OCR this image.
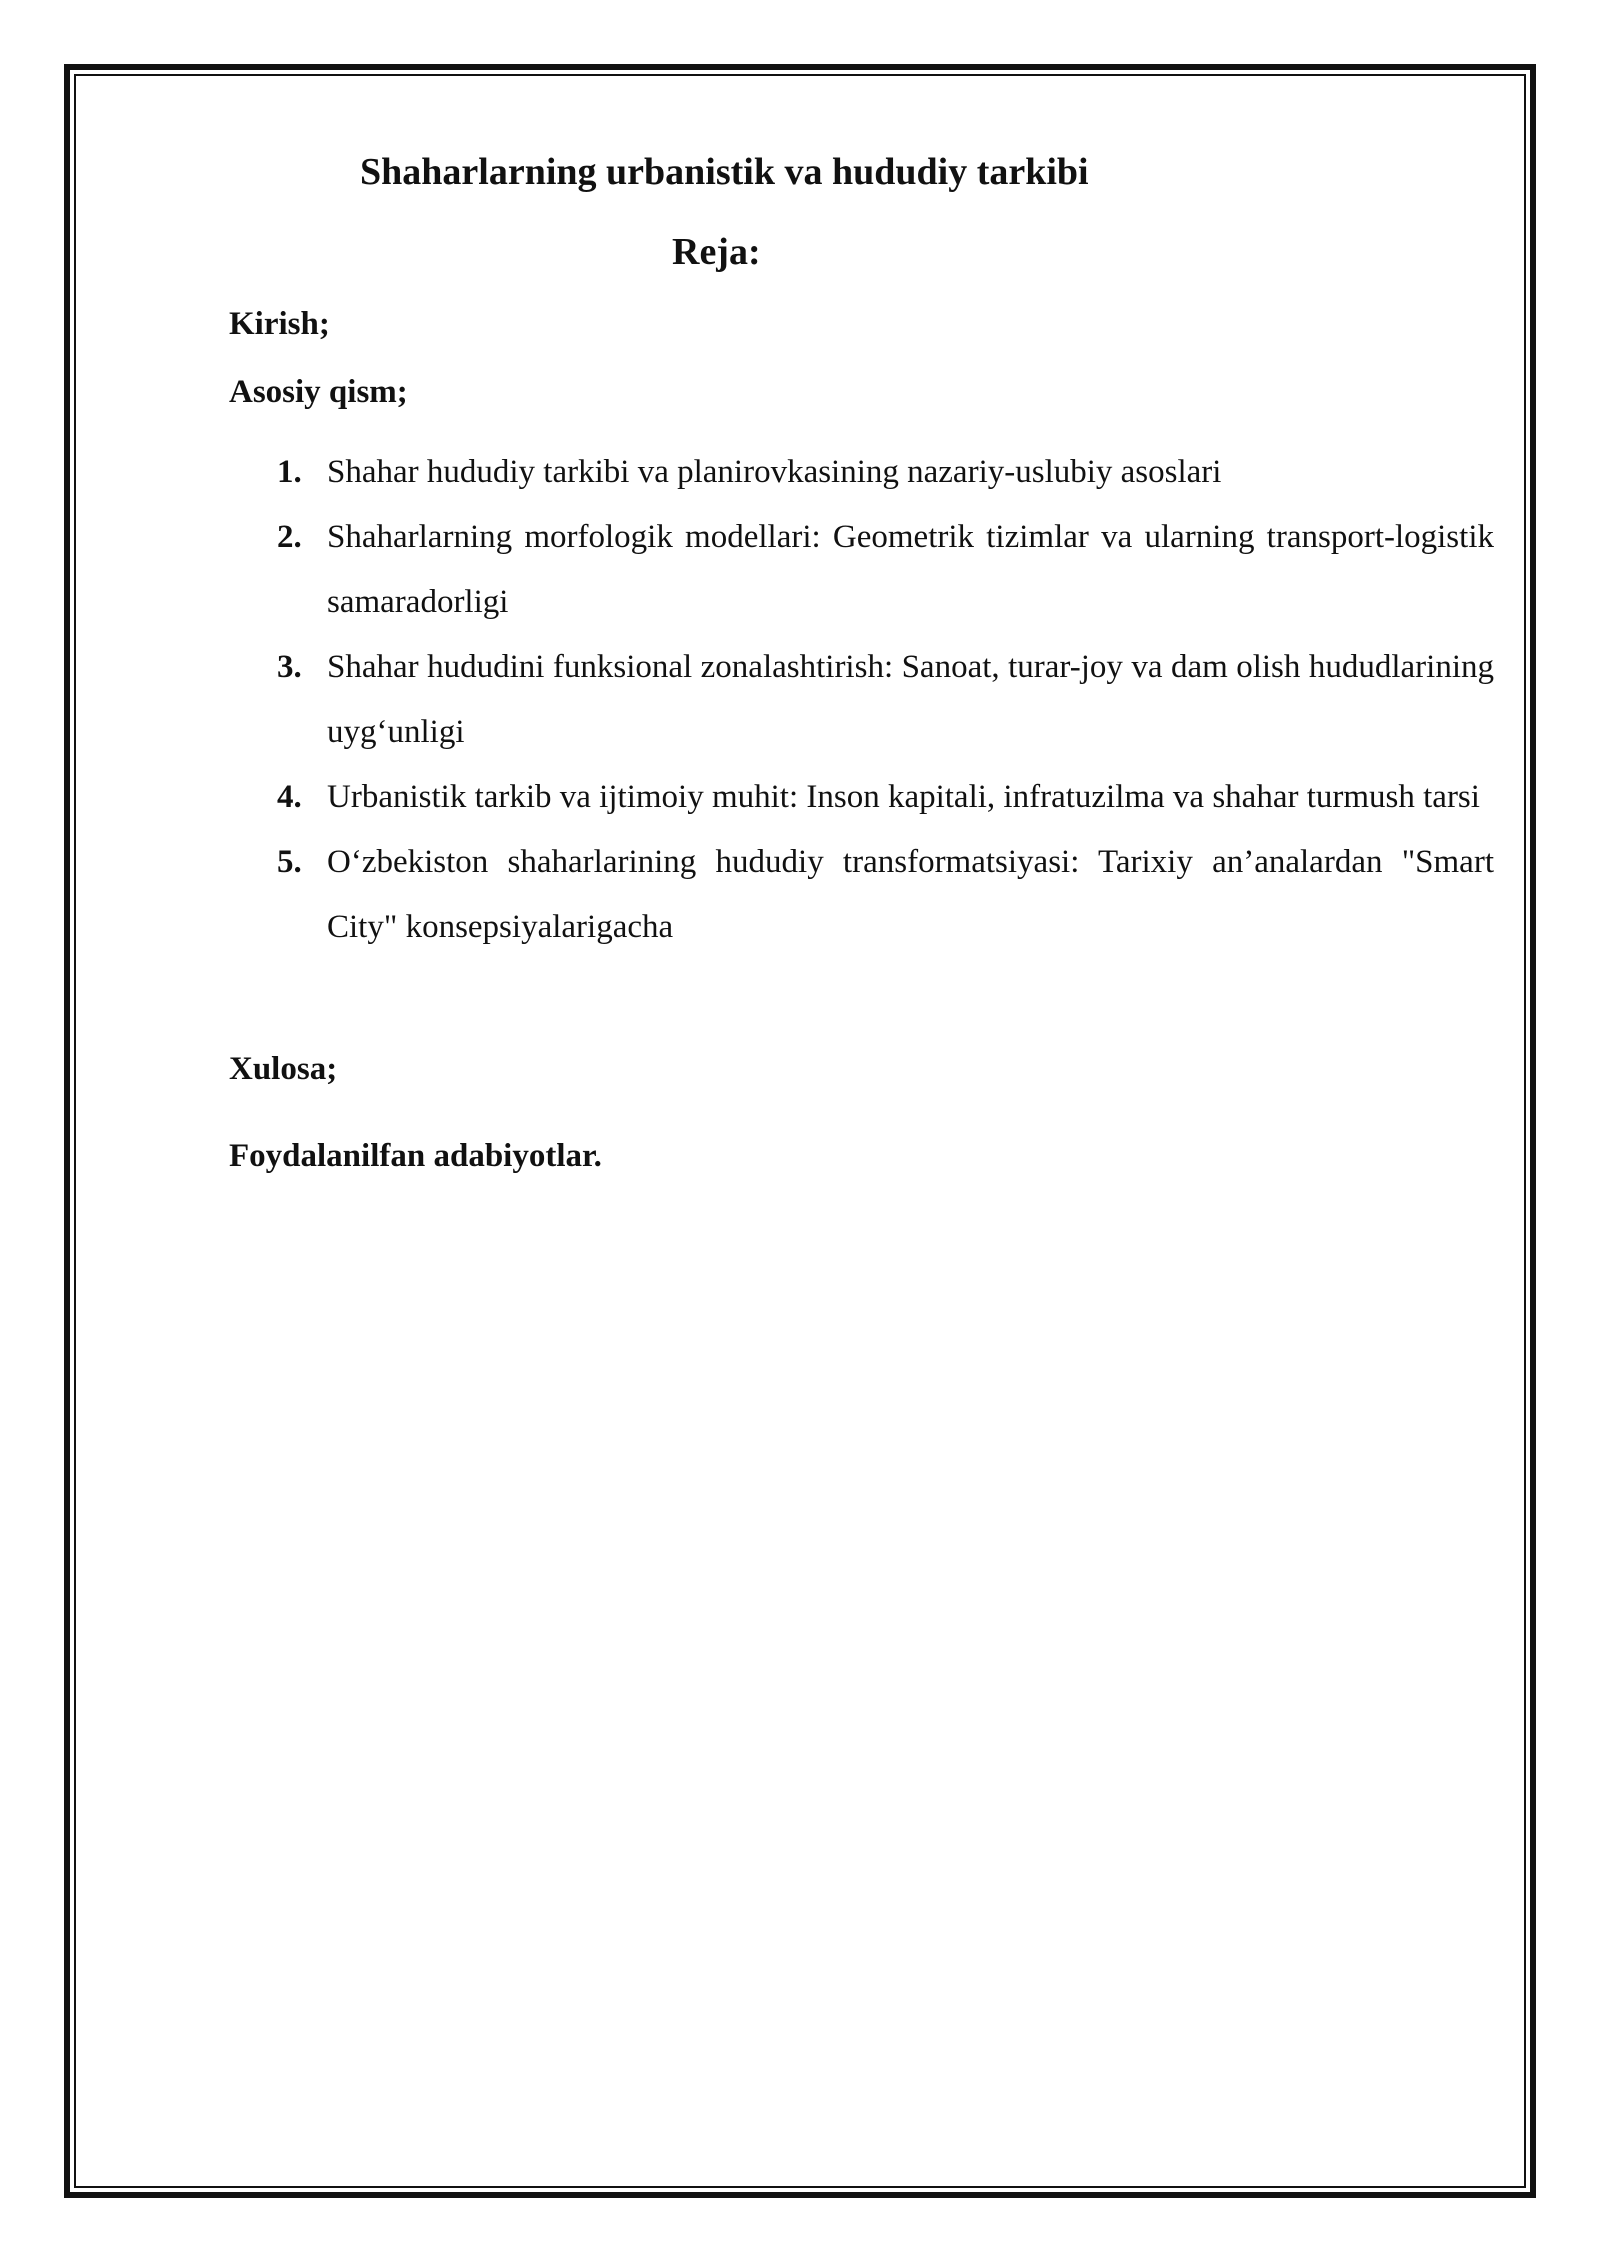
Shaharlarning urbanistik va hududiy tarkibi
Reja:

Kirish;

Asosiy qism;

1. Shahar hududiy tarkibi va planirovkasining nazariy-uslubiy asoslari
2. Shaharlarning morfologik modellari: Geometrik tizimlar va ularning transport-logistik samaradorligi
3. Shahar hududini funksional zonalashtirish: Sanoat, turar-joy va dam olish hududlarining uyg‘unligi
4. Urbanistik tarkib va ijtimoiy muhit: Inson kapitali, infratuzilma va shahar turmush tarsi
5. O‘zbekiston shaharlarining hududiy transformatsiyasi: Tarixiy an’analardan "Smart City" konsepsiyalarigacha

Xulosa;

Foydalanilfan adabiyotlar.
